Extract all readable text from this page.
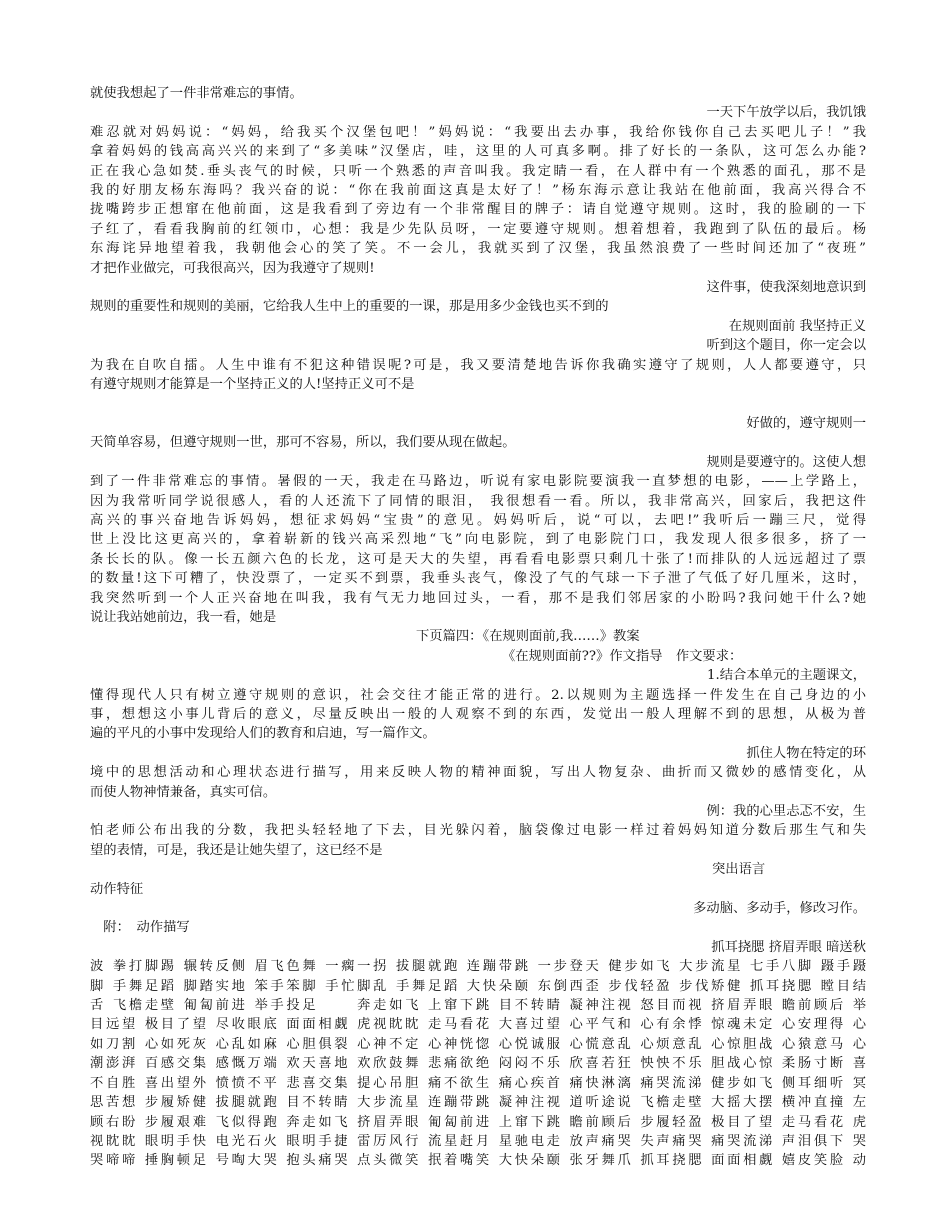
就使我想起了一件非常难忘的事情。
一天下午放学以后，我饥饿
难忍就对妈妈说：“妈妈，给我买个汉堡包吧！”妈妈说：“我要出去办事，我给你钱你自己去买吧儿子！”我
拿着妈妈的钱高高兴兴的来到了“多美味”汉堡店，哇，这里的人可真多啊。排了好长的一条队，这可怎么办能?
正在我心急如焚.垂头丧气的时候，只听一个熟悉的声音叫我。我定睛一看，在人群中有一个熟悉的面孔，那不是
我的好朋友杨东海吗？我兴奋的说：“你在我前面这真是太好了！”杨东海示意让我站在他前面，我高兴得合不
拢嘴跨步正想窜在他前面，这是我看到了旁边有一个非常醒目的牌子：请自觉遵守规则。这时，我的脸刷的一下
子红了，看看我胸前的红领巾，心想：我是少先队员呀，一定要遵守规则。想着想着，我跑到了队伍的最后。杨
东海诧异地望着我，我朝他会心的笑了笑。不一会儿，我就买到了汉堡，我虽然浪费了一些时间还加了“夜班”
才把作业做完，可我很高兴，因为我遵守了规则!
这件事，使我深刻地意识到
规则的重要性和规则的美丽，它给我人生中上的重要的一课，那是用多少金钱也买不到的
在规则面前 我坚持正义
听到这个题目，你一定会以
为我在自吹自擂。人生中谁有不犯这种错误呢?可是，我又要清楚地告诉你我确实遵守了规则，人人都要遵守，只
有遵守规则才能算是一个坚持正义的人!坚持正义可不是
好做的，遵守规则一
天简单容易，但遵守规则一世，那可不容易，所以，我们要从现在做起。
规则是要遵守的。这使人想
到了一件非常难忘的事情。暑假的一天，我走在马路边，听说有家电影院要演我一直梦想的电影，——上学路上，
因为我常听同学说很感人，看的人还流下了同情的眼泪， 我很想看一看。所以，我非常高兴，回家后，我把这件
高兴的事兴奋地告诉妈妈，想征求妈妈“宝贵”的意见。妈妈听后，说“可以，去吧!”我听后一蹦三尺，觉得
世上没比这更高兴的，拿着崭新的钱兴高采烈地“飞”向电影院，到了电影院门口，我发现人很多很多，挤了一
条长长的队。像一长五颜六色的长龙，这可是天大的失望，再看看电影票只剩几十张了!而排队的人远远超过了票
的数量!这下可糟了，快没票了，一定买不到票，我垂头丧气，像没了气的气球一下子泄了气低了好几厘米，这时，
我突然听到一个人正兴奋地在叫我，我有气无力地回过头，一看，那不是我们邻居家的小盼吗?我问她干什么?她
说让我站她前边，我一看，她是
下页篇四：《在规则面前,我……》教案
《在规则面前??》作文指导　作文要求：
1.结合本单元的主题课文，
懂得现代人只有树立遵守规则的意识，社会交往才能正常的进行。2.以规则为主题选择一件发生在自己身边的小
事，想想这小事儿背后的意义，尽量反映出一般的人观察不到的东西，发觉出一般人理解不到的思想，从极为普
遍的平凡的小事中发现给人们的教育和启迪，写一篇作文。
抓住人物在特定的环
境中的思想活动和心理状态进行描写，用来反映人物的精神面貌，写出人物复杂、曲折而又微妙的感情变化，从
而使人物神情兼备，真实可信。
例：我的心里忐忑不安，生
怕老师公布出我的分数，我把头轻轻地了下去，目光躲闪着，脑袋像过电影一样过着妈妈知道分数后那生气和失
望的表情，可是，我还是让她失望了，这已经不是
突出语言
动作特征
多动脑、多动手，修改习作。
　附：　动作描写
抓耳挠腮 挤眉弄眼 暗送秋
波 拳打脚踢 辗转反侧 眉飞色舞 一瘸一拐 拔腿就跑 连蹦带跳 一步登天 健步如飞 大步流星 七手八脚 蹑手蹑
脚 手舞足蹈 脚踏实地 笨手笨脚 手忙脚乱 手舞足蹈 大快朵颐 东倒西歪 步伐轻盈 步伐矫健 抓耳挠腮 瞠目结
舌 飞檐走壁 匍匐前进 举手投足　　 奔走如飞 上窜下跳 目不转睛 凝神注视 怒目而视 挤眉弄眼 瞻前顾后 举
目远望 极目了望 尽收眼底 面面相觑 虎视眈眈 走马看花 大喜过望 心平气和 心有余悸 惊魂未定 心安理得 心
如刀割 心如死灰 心乱如麻 心胆俱裂 心神不定 心神恍惚 心悦诚服 心慌意乱 心烦意乱 心惊胆战 心猿意马 心
潮澎湃 百感交集 感慨万端 欢天喜地 欢欣鼓舞 悲痛欲绝 闷闷不乐 欣喜若狂 怏怏不乐 胆战心惊 柔肠寸断 喜
不自胜 喜出望外 愤愤不平 悲喜交集 提心吊胆 痛不欲生 痛心疾首 痛快淋漓 痛哭流涕 健步如飞 侧耳细听 冥
思苦想 步履矫健 拔腿就跑 目不转睛 大步流星 连蹦带跳 凝神注视 道听途说 飞檐走壁 大摇大摆 横冲直撞 左
顾右盼 步履艰难 飞似得跑 奔走如飞 挤眉弄眼 匍匐前进 上窜下跳 瞻前顾后 步履轻盈 极目了望 走马看花 虎
视眈眈 眼明手快 电光石火 眼明手捷 雷厉风行 流星赶月 星驰电走 放声痛哭 失声痛哭 痛哭流涕 声泪俱下 哭
哭啼啼 捶胸顿足 号啕大哭 抱头痛哭 点头微笑 抿着嘴笑 大快朵颐 张牙舞爪 抓耳挠腮 面面相觑 嬉皮笑脸 动
